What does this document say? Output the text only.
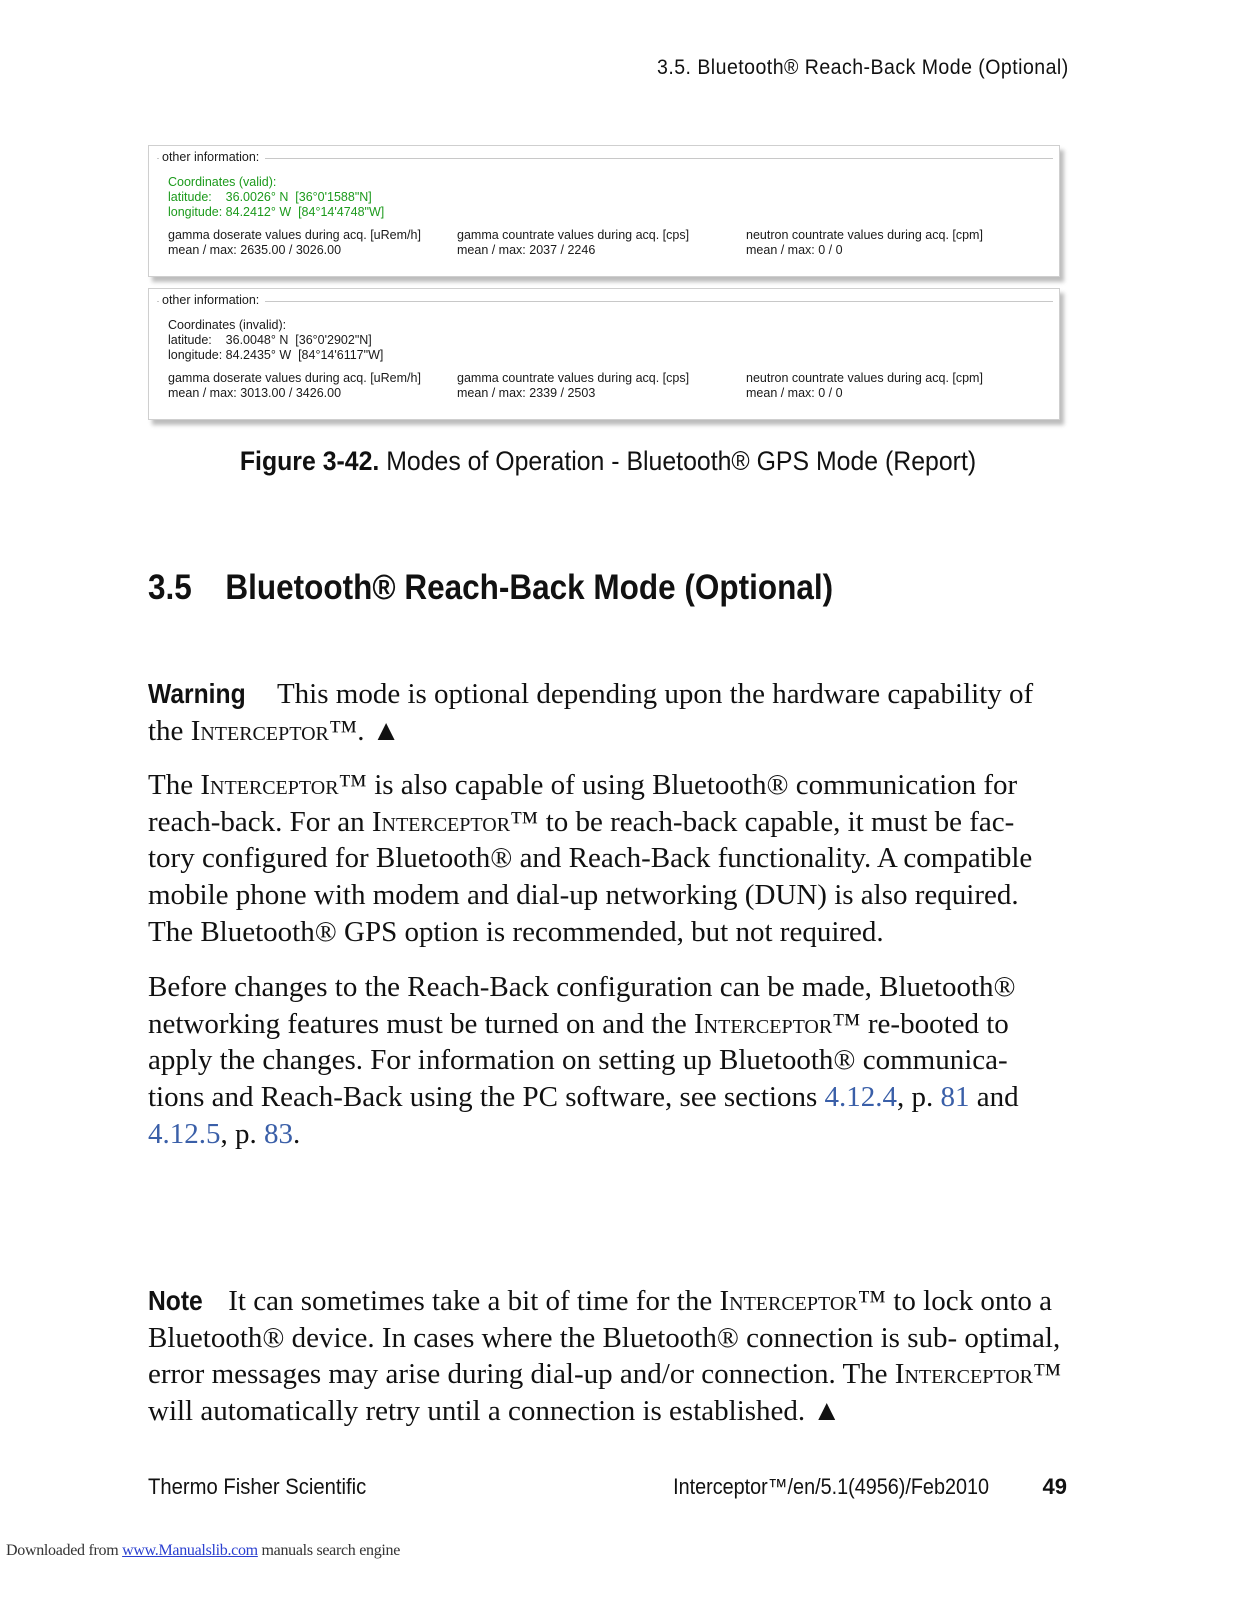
3.5. Bluetooth® Reach-Back Mode (Optional)
other information:
Coordinates (valid):
latitude:    36.0026° N  [36°0'1588"N]
longitude: 84.2412° W  [84°14'4748"W]
gamma doserate values during acq. [uRem/h]
mean / max: 2635.00 / 3026.00
gamma countrate values during acq. [cps]
mean / max: 2037 / 2246
neutron countrate values during acq. [cpm]
mean / max: 0 / 0
other information:
Coordinates (invalid):
latitude:    36.0048° N  [36°0'2902"N]
longitude: 84.2435° W  [84°14'6117"W]
gamma doserate values during acq. [uRem/h]
mean / max: 3013.00 / 3426.00
gamma countrate values during acq. [cps]
mean / max: 2339 / 2503
neutron countrate values during acq. [cpm]
mean / max: 0 / 0
Figure 3-42. Modes of Operation - Bluetooth® GPS Mode (Report)
3.5 Bluetooth® Reach-Back Mode (Optional)
Warning This mode is optional depending upon the hardware capability of the Interceptor™. ▲
The Interceptor™ is also capable of using Bluetooth® communication for reach-back. For an Interceptor™ to be reach-back capable, it must be fac- tory configured for Bluetooth® and Reach-Back functionality. A compatible mobile phone with modem and dial-up networking (DUN) is also required. The Bluetooth® GPS option is recommended, but not required.
Before changes to the Reach-Back configuration can be made, Bluetooth® networking features must be turned on and the Interceptor™ re-booted to apply the changes. For information on setting up Bluetooth® communica- tions and Reach-Back using the PC software, see sections 4.12.4, p. 81 and 4.12.5, p. 83.
Note It can sometimes take a bit of time for the Interceptor™ to lock onto a Bluetooth® device. In cases where the Bluetooth® connection is sub- optimal, error messages may arise during dial-up and/or connection. The Interceptor™ will automatically retry until a connection is established. ▲
Thermo Fisher Scientific	Interceptor™/en/5.1(4956)/Feb2010 49
Downloaded from www.Manualslib.com manuals search engine
